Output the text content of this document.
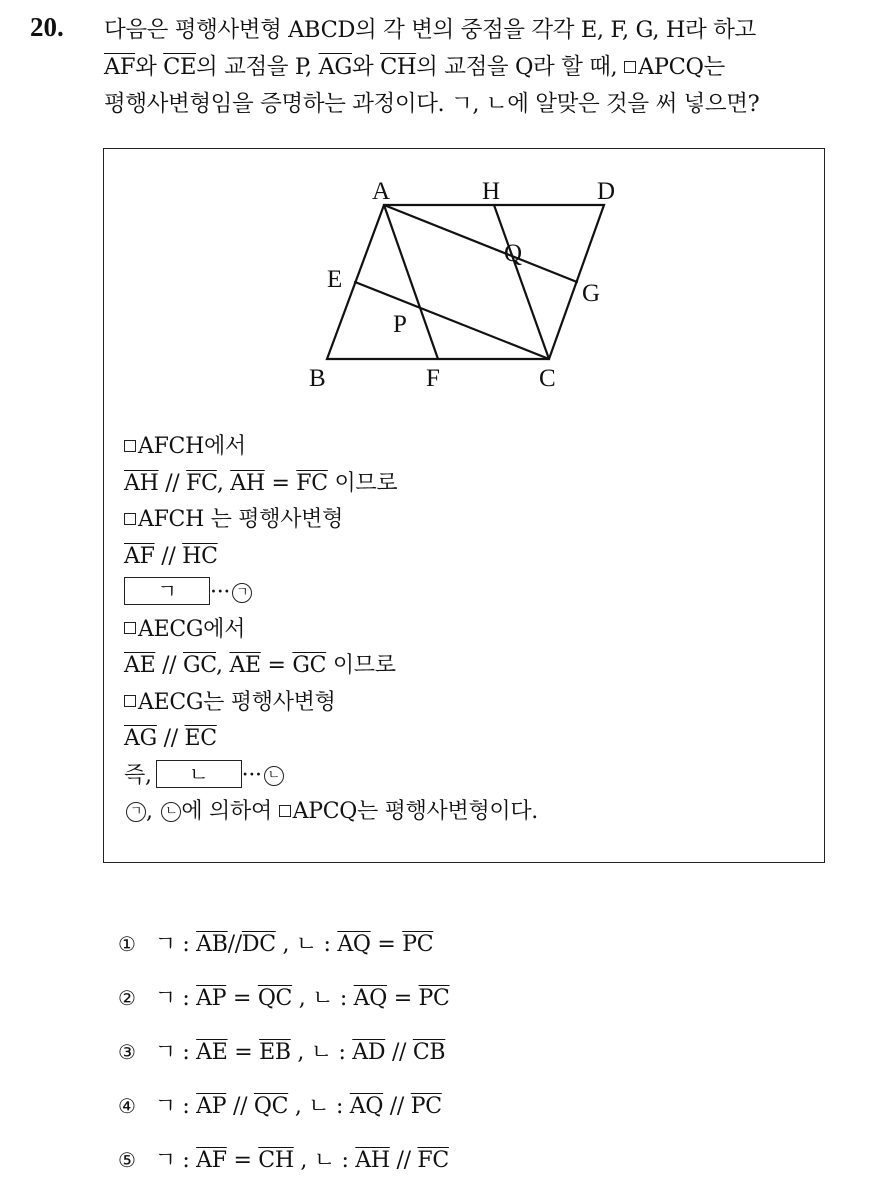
20. 다음은 평행사변형 ABCD의 각 변의 중점을 각각 E, F, G, H라 하고
$\overline{AF}$와 $\overline{CE}$의 교점을 P, $\overline{AG}$와 $\overline{CH}$의 교점을 Q라 할 때, APCQ는
평행사변형임을 증명하는 과정이다. ㄱ, ㄴ에 알맞은 것을 써 넣으면?
A	H	D
Q
E
G
P
B	F	C
AFCH에서
$\overline{AH} // \overline{FC}$, $\overline{AH} = \overline{FC}$ 이므로
AFCH 는 평행사변형
$\overline{AF} // \overline{HC}$
ㄱ ··· ㄱ
AECG에서
$\overline{AE} // \overline{GC}$, $\overline{AE} = \overline{GC}$ 이므로
AECG는 평행사변형
$\overline{AG} // \overline{EC}$
즉, ㄴ ··· ㄴ
ㄱ , ㄴ 에 의하여 APCQ는 평행사변형이다.
① ㄱ : $\overline{AB}//\overline{DC}$ , ㄴ : $\overline{AQ} = \overline{PC}$
② ㄱ : $\overline{AP} = \overline{QC}$ , ㄴ : $\overline{AQ} = \overline{PC}$
③ ㄱ : $\overline{AE} = \overline{EB}$ , ㄴ : $\overline{AD} // \overline{CB}$
④ ㄱ : $\overline{AP} // \overline{QC}$ , ㄴ : $\overline{AQ} // \overline{PC}$
⑤ ㄱ : $\overline{AF} = \overline{CH}$ , ㄴ : $\overline{AH} // \overline{FC}$
